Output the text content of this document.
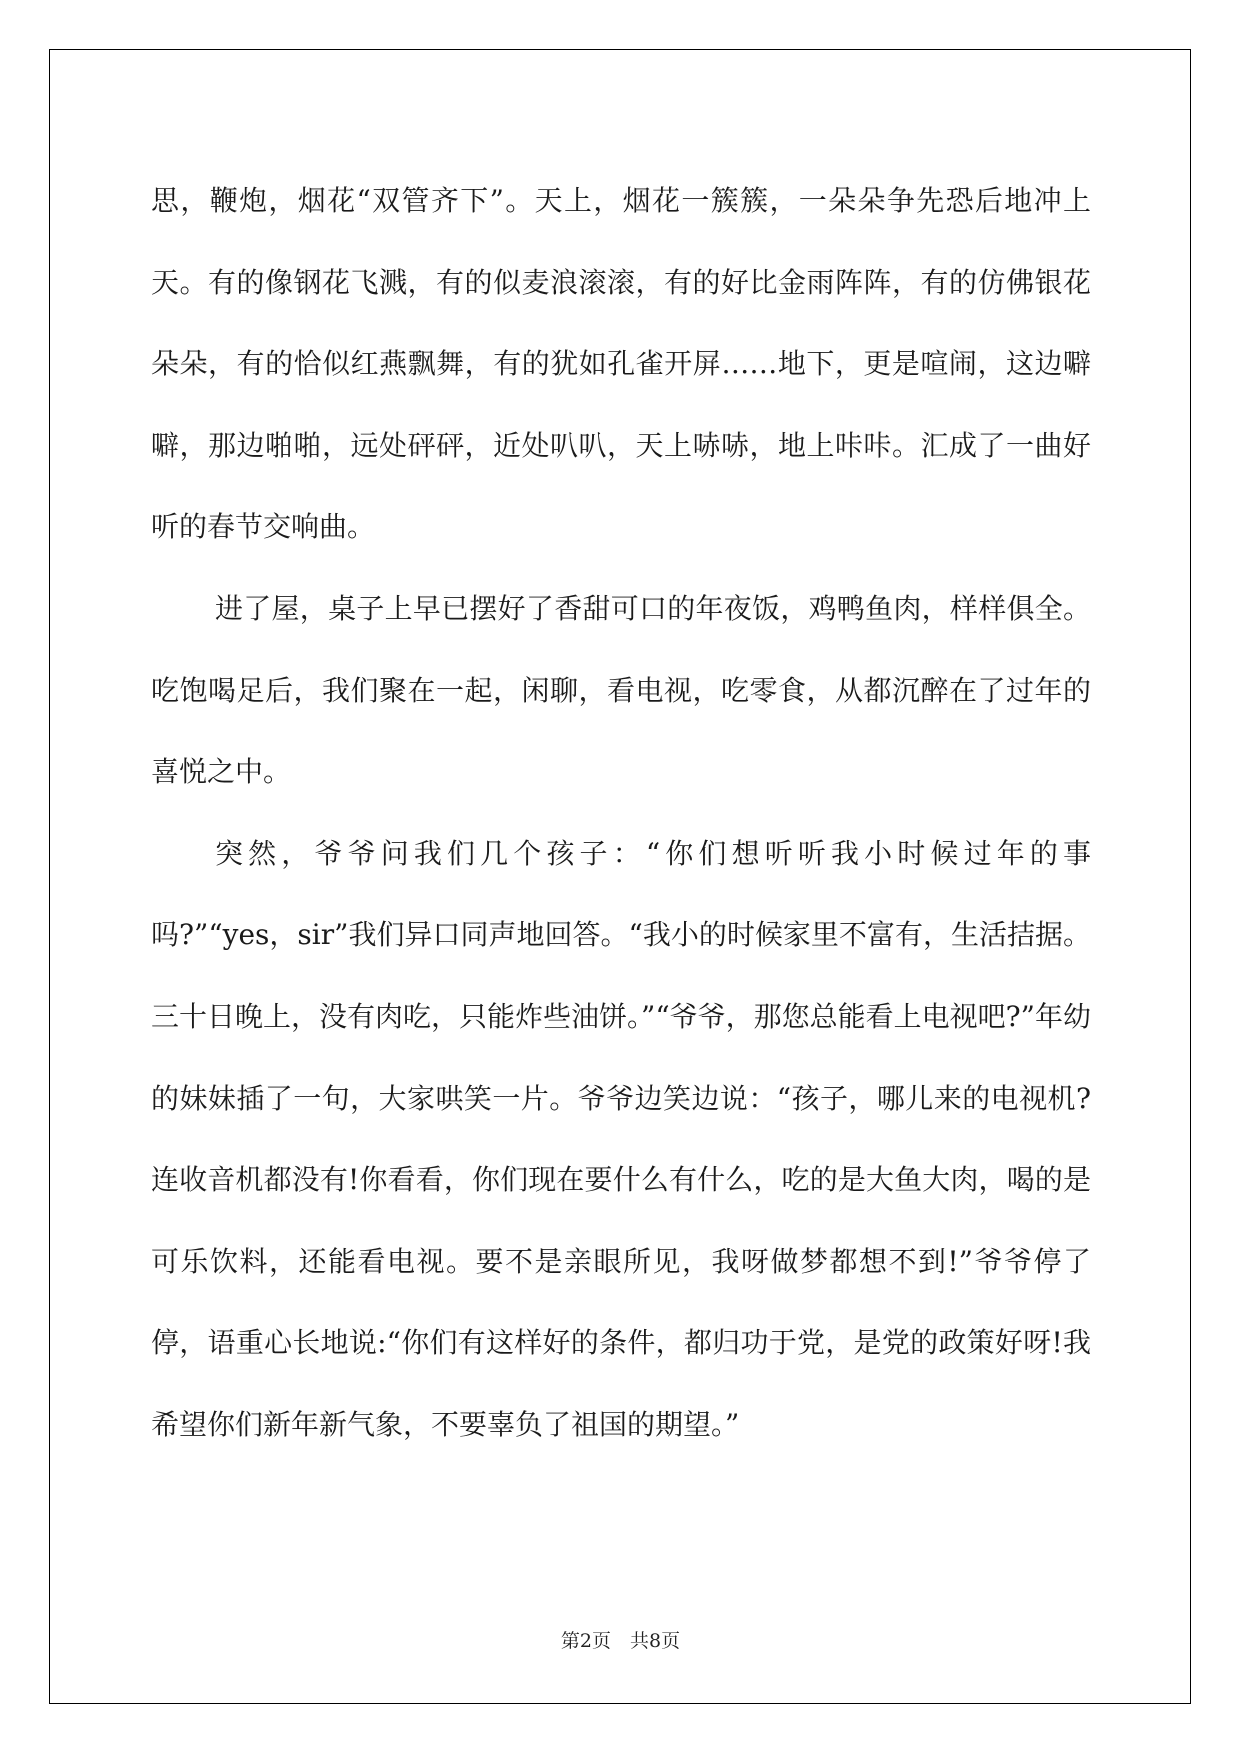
思，鞭炮，烟花“双管齐下”。天上，烟花一簇簇，一朵朵争先恐后地冲上天。有的像钢花飞溅，有的似麦浪滚滚，有的好比金雨阵阵，有的仿佛银花朵朵，有的恰似红燕飘舞，有的犹如孔雀开屏……地下，更是喧闹，这边噼噼，那边啪啪，远处砰砰，近处叭叭，天上哧哧，地上咔咔。汇成了一曲好听的春节交响曲。

进了屋，桌子上早已摆好了香甜可口的年夜饭，鸡鸭鱼肉，样样俱全。吃饱喝足后，我们聚在一起，闲聊，看电视，吃零食，从都沉醉在了过年的喜悦之中。

突然，爷爷问我们几个孩子：“你们想听听我小时候过年的事吗?”“yes，sir”我们异口同声地回答。“我小的时候家里不富有，生活拮据。三十日晚上，没有肉吃，只能炸些油饼。”“爷爷，那您总能看上电视吧?”年幼的妹妹插了一句，大家哄笑一片。爷爷边笑边说：“孩子，哪儿来的电视机?连收音机都没有!你看看，你们现在要什么有什么，吃的是大鱼大肉，喝的是可乐饮料，还能看电视。要不是亲眼所见，我呀做梦都想不到!”爷爷停了停，语重心长地说:“你们有这样好的条件，都归功于党，是党的政策好呀!我希望你们新年新气象，不要辜负了祖国的期望。”

第2页　共8页
